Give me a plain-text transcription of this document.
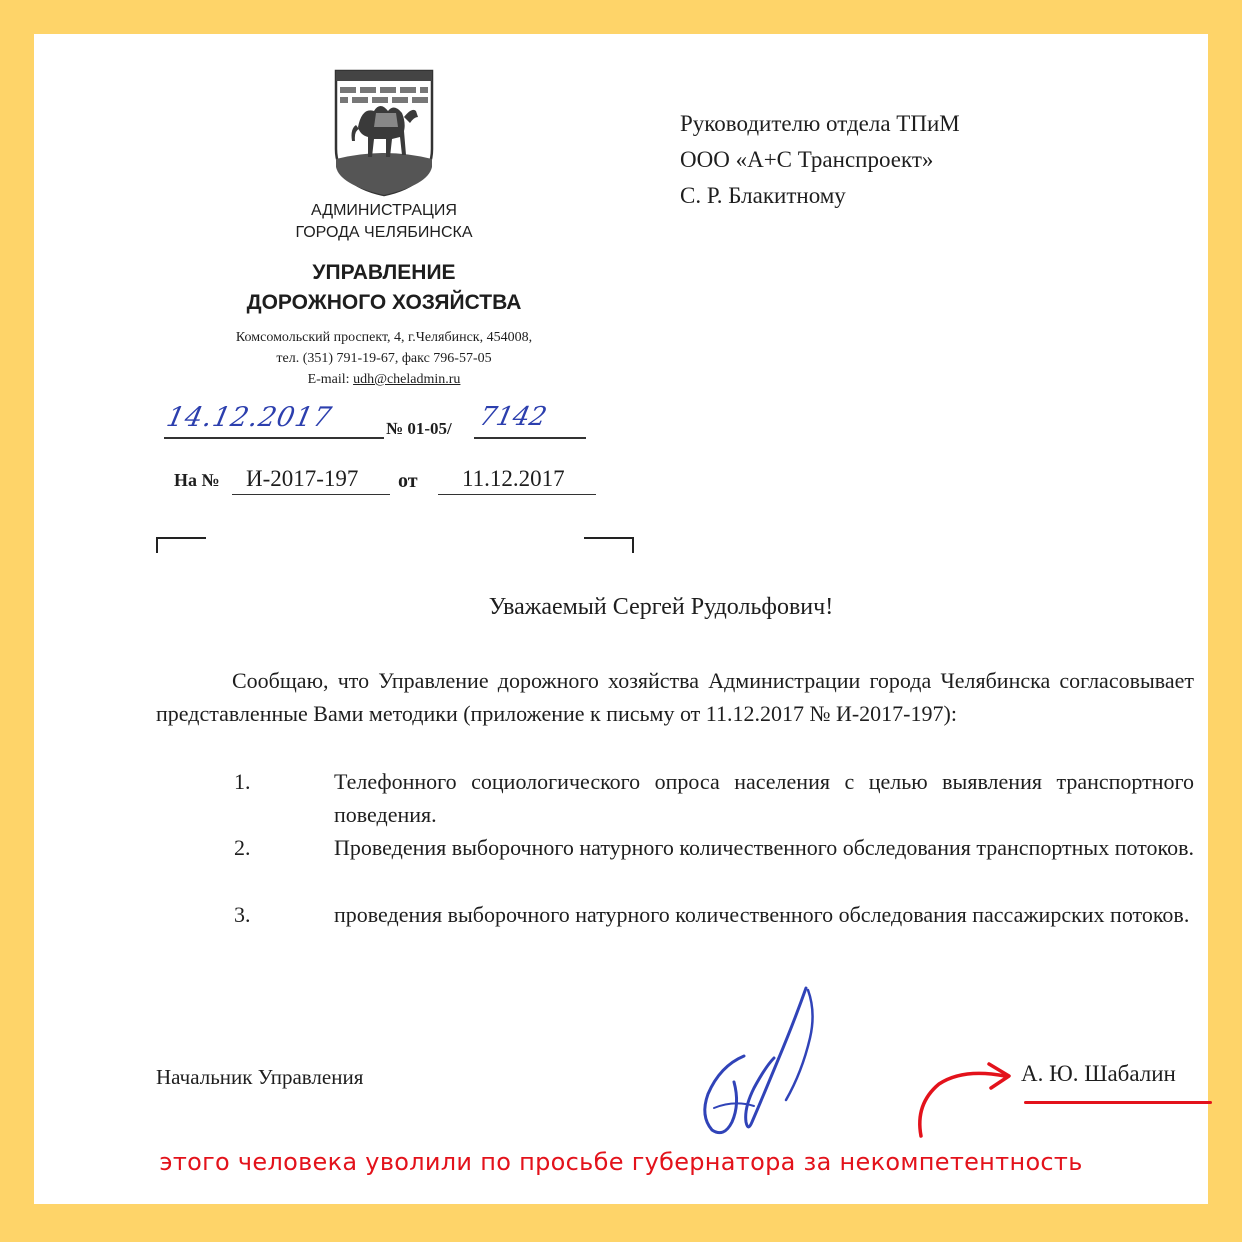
АДМИНИСТРАЦИЯ
ГОРОДА ЧЕЛЯБИНСКА
УПРАВЛЕНИЕ
ДОРОЖНОГО ХОЗЯЙСТВА
Комсомольский проспект, 4, г.Челябинск, 454008,
тел. (351) 791-19-67, факс 796-57-05
E-mail: udh@cheladmin.ru
Руководителю отдела ТПиМ
ООО «А+С Транспроект»
С. Р. Блакитному
14.12.2017	№ 01-05/ 7142
На № И-2017-197 от 11.12.2017
Уважаемый Сергей Рудольфович!
Сообщаю, что Управление дорожного хозяйства Администрации города Челябинска согласовывает представленные Вами методики (приложение к письму от 11.12.2017 № И-2017-197):
1.	Телефонного социологического опроса населения с целью выявления транспортного поведения.
2.	Проведения выборочного натурного количественного обследования транспортных потоков.
3.	проведения выборочного натурного количественного обследования пассажирских потоков.
Начальник Управления	А. Ю. Шабалин
этого человека уволили по просьбе губернатора за некомпетентность
